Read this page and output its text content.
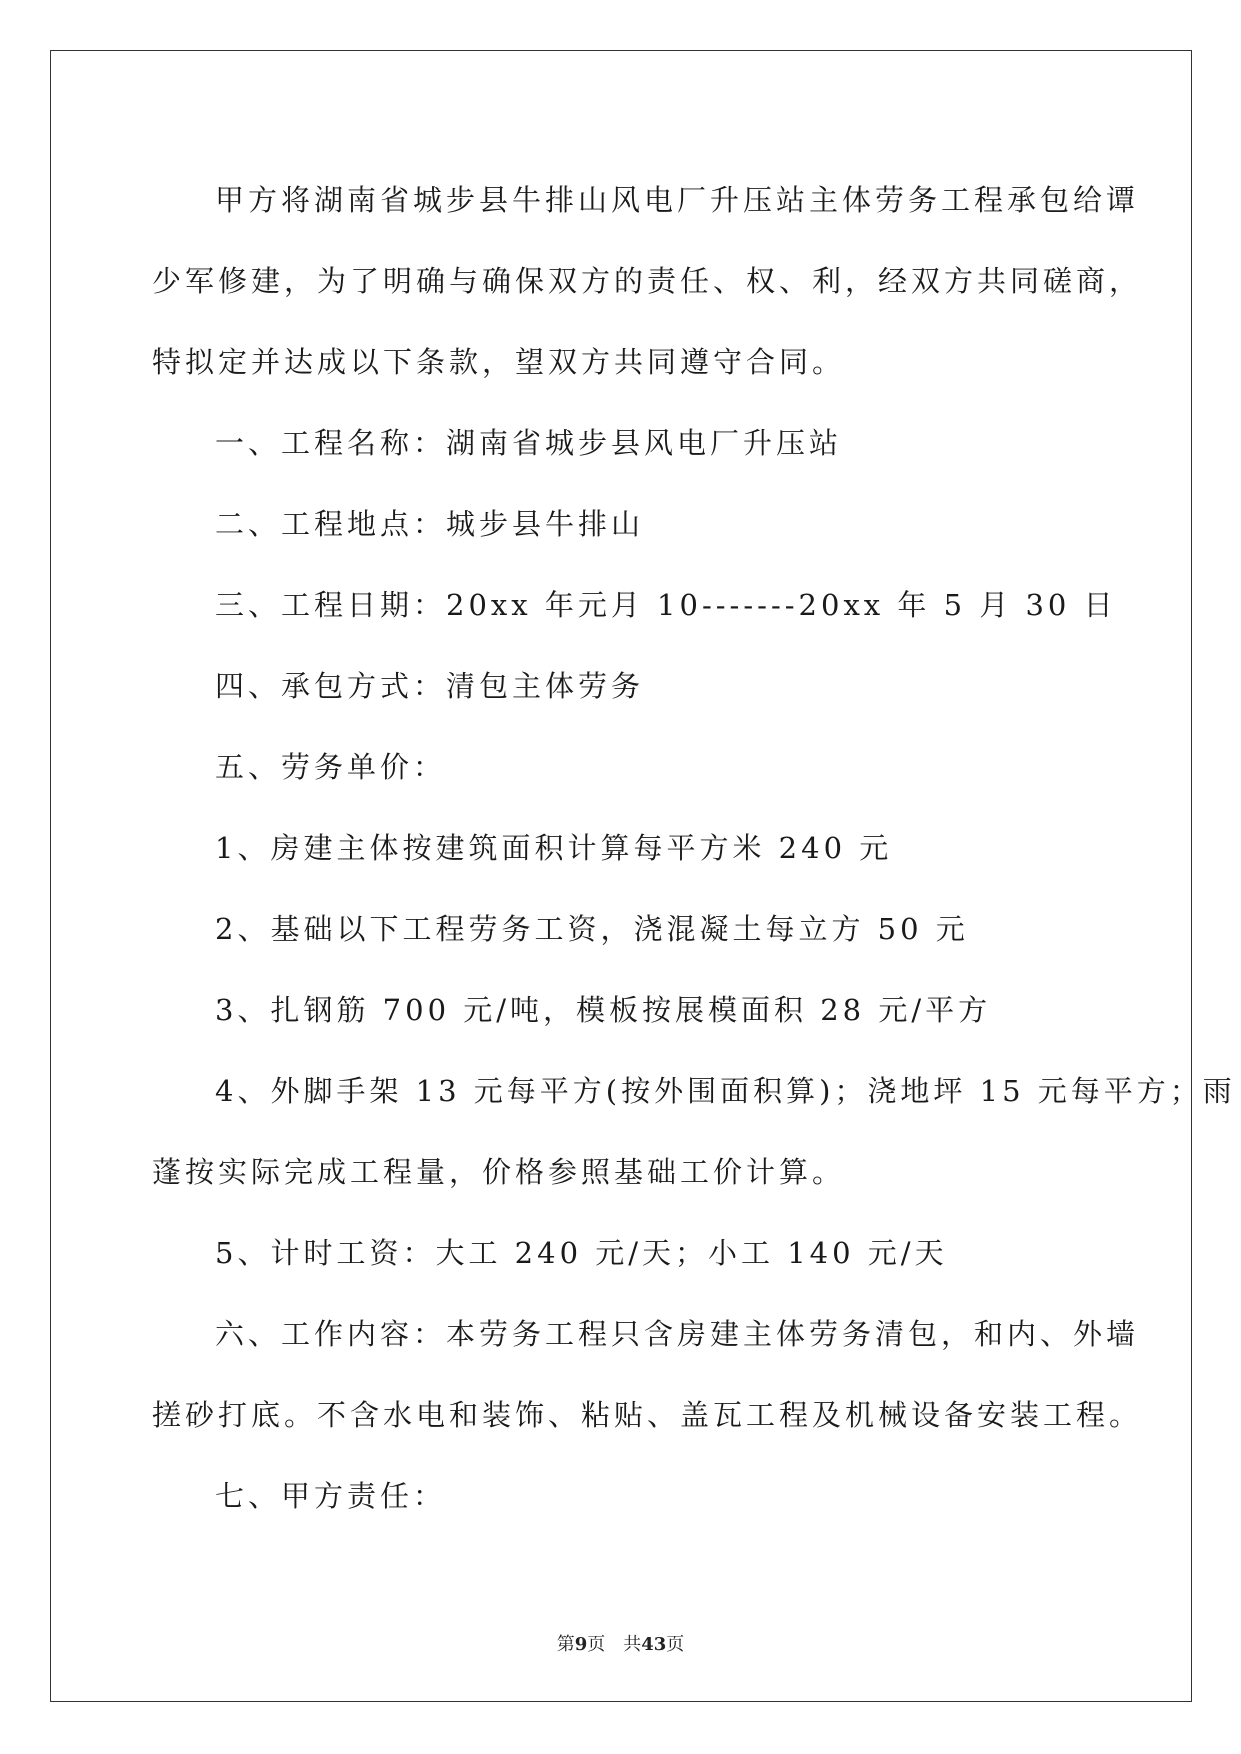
甲方将湖南省城步县牛排山风电厂升压站主体劳务工程承包给谭

少军修建，为了明确与确保双方的责任、权、利，经双方共同磋商，

特拟定并达成以下条款，望双方共同遵守合同。

一、工程名称：湖南省城步县风电厂升压站

二、工程地点：城步县牛排山

三、工程日期：20xx 年元月 10-------20xx 年 5 月 30 日

四、承包方式：清包主体劳务

五、劳务单价：

1、房建主体按建筑面积计算每平方米 240 元

2、基础以下工程劳务工资，浇混凝土每立方 50 元

3、扎钢筋 700 元/吨，模板按展模面积 28 元/平方

4、外脚手架 13 元每平方(按外围面积算)；浇地坪 15 元每平方；雨

蓬按实际完成工程量，价格参照基础工价计算。

5、计时工资：大工 240 元/天；小工 140 元/天

六、工作内容：本劳务工程只含房建主体劳务清包，和内、外墙

搓砂打底。不含水电和装饰、粘贴、盖瓦工程及机械设备安装工程。

七、甲方责任：

第9页 共43页
